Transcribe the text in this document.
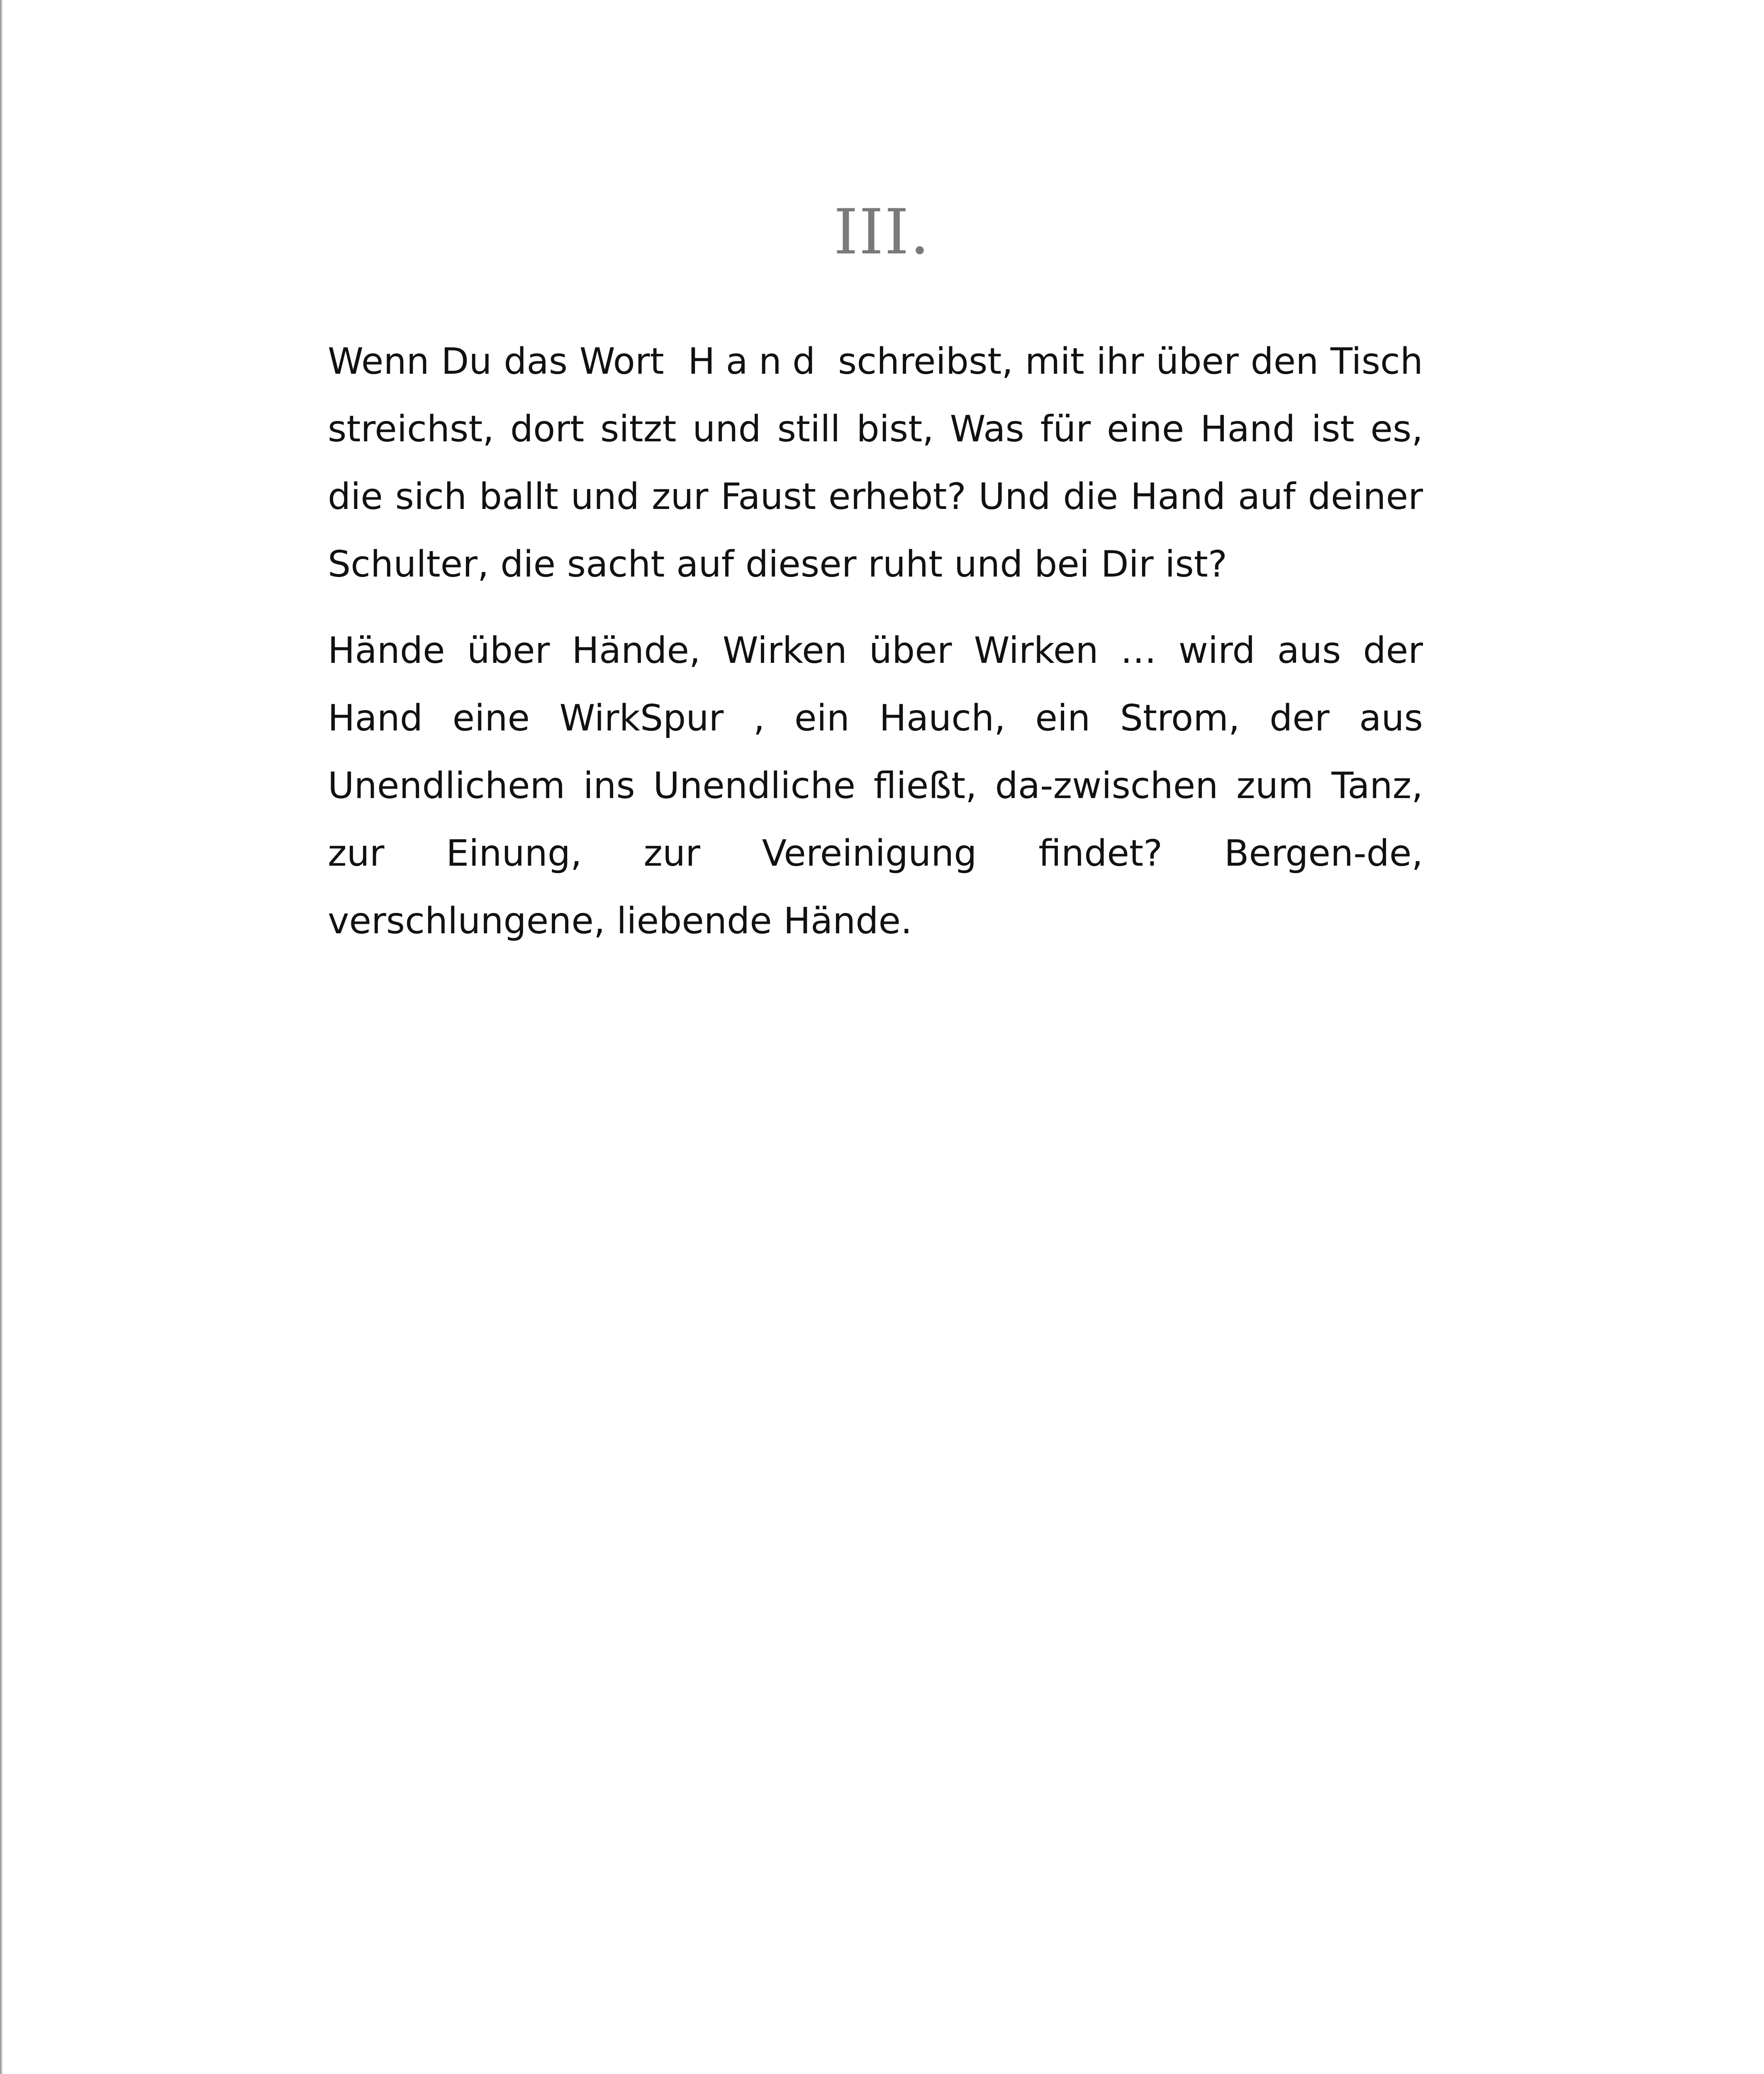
III.

Wenn Du das Wort Hand schreibst, mit ihr über den Tisch streichst, dort sitzt und still bist, Was für eine Hand ist es, die sich ballt und zur Faust erhebt? Und die Hand auf deiner Schulter, die sacht auf dieser ruht und bei Dir ist?

Hände über Hände, Wirken über Wirken … wird aus der Hand eine WirkSpur , ein Hauch, ein Strom, der aus Unendlichem ins Unendliche fließt, da-zwischen zum Tanz, zur Einung, zur Vereinigung findet? Bergen-de, verschlungene, liebende Hände.
